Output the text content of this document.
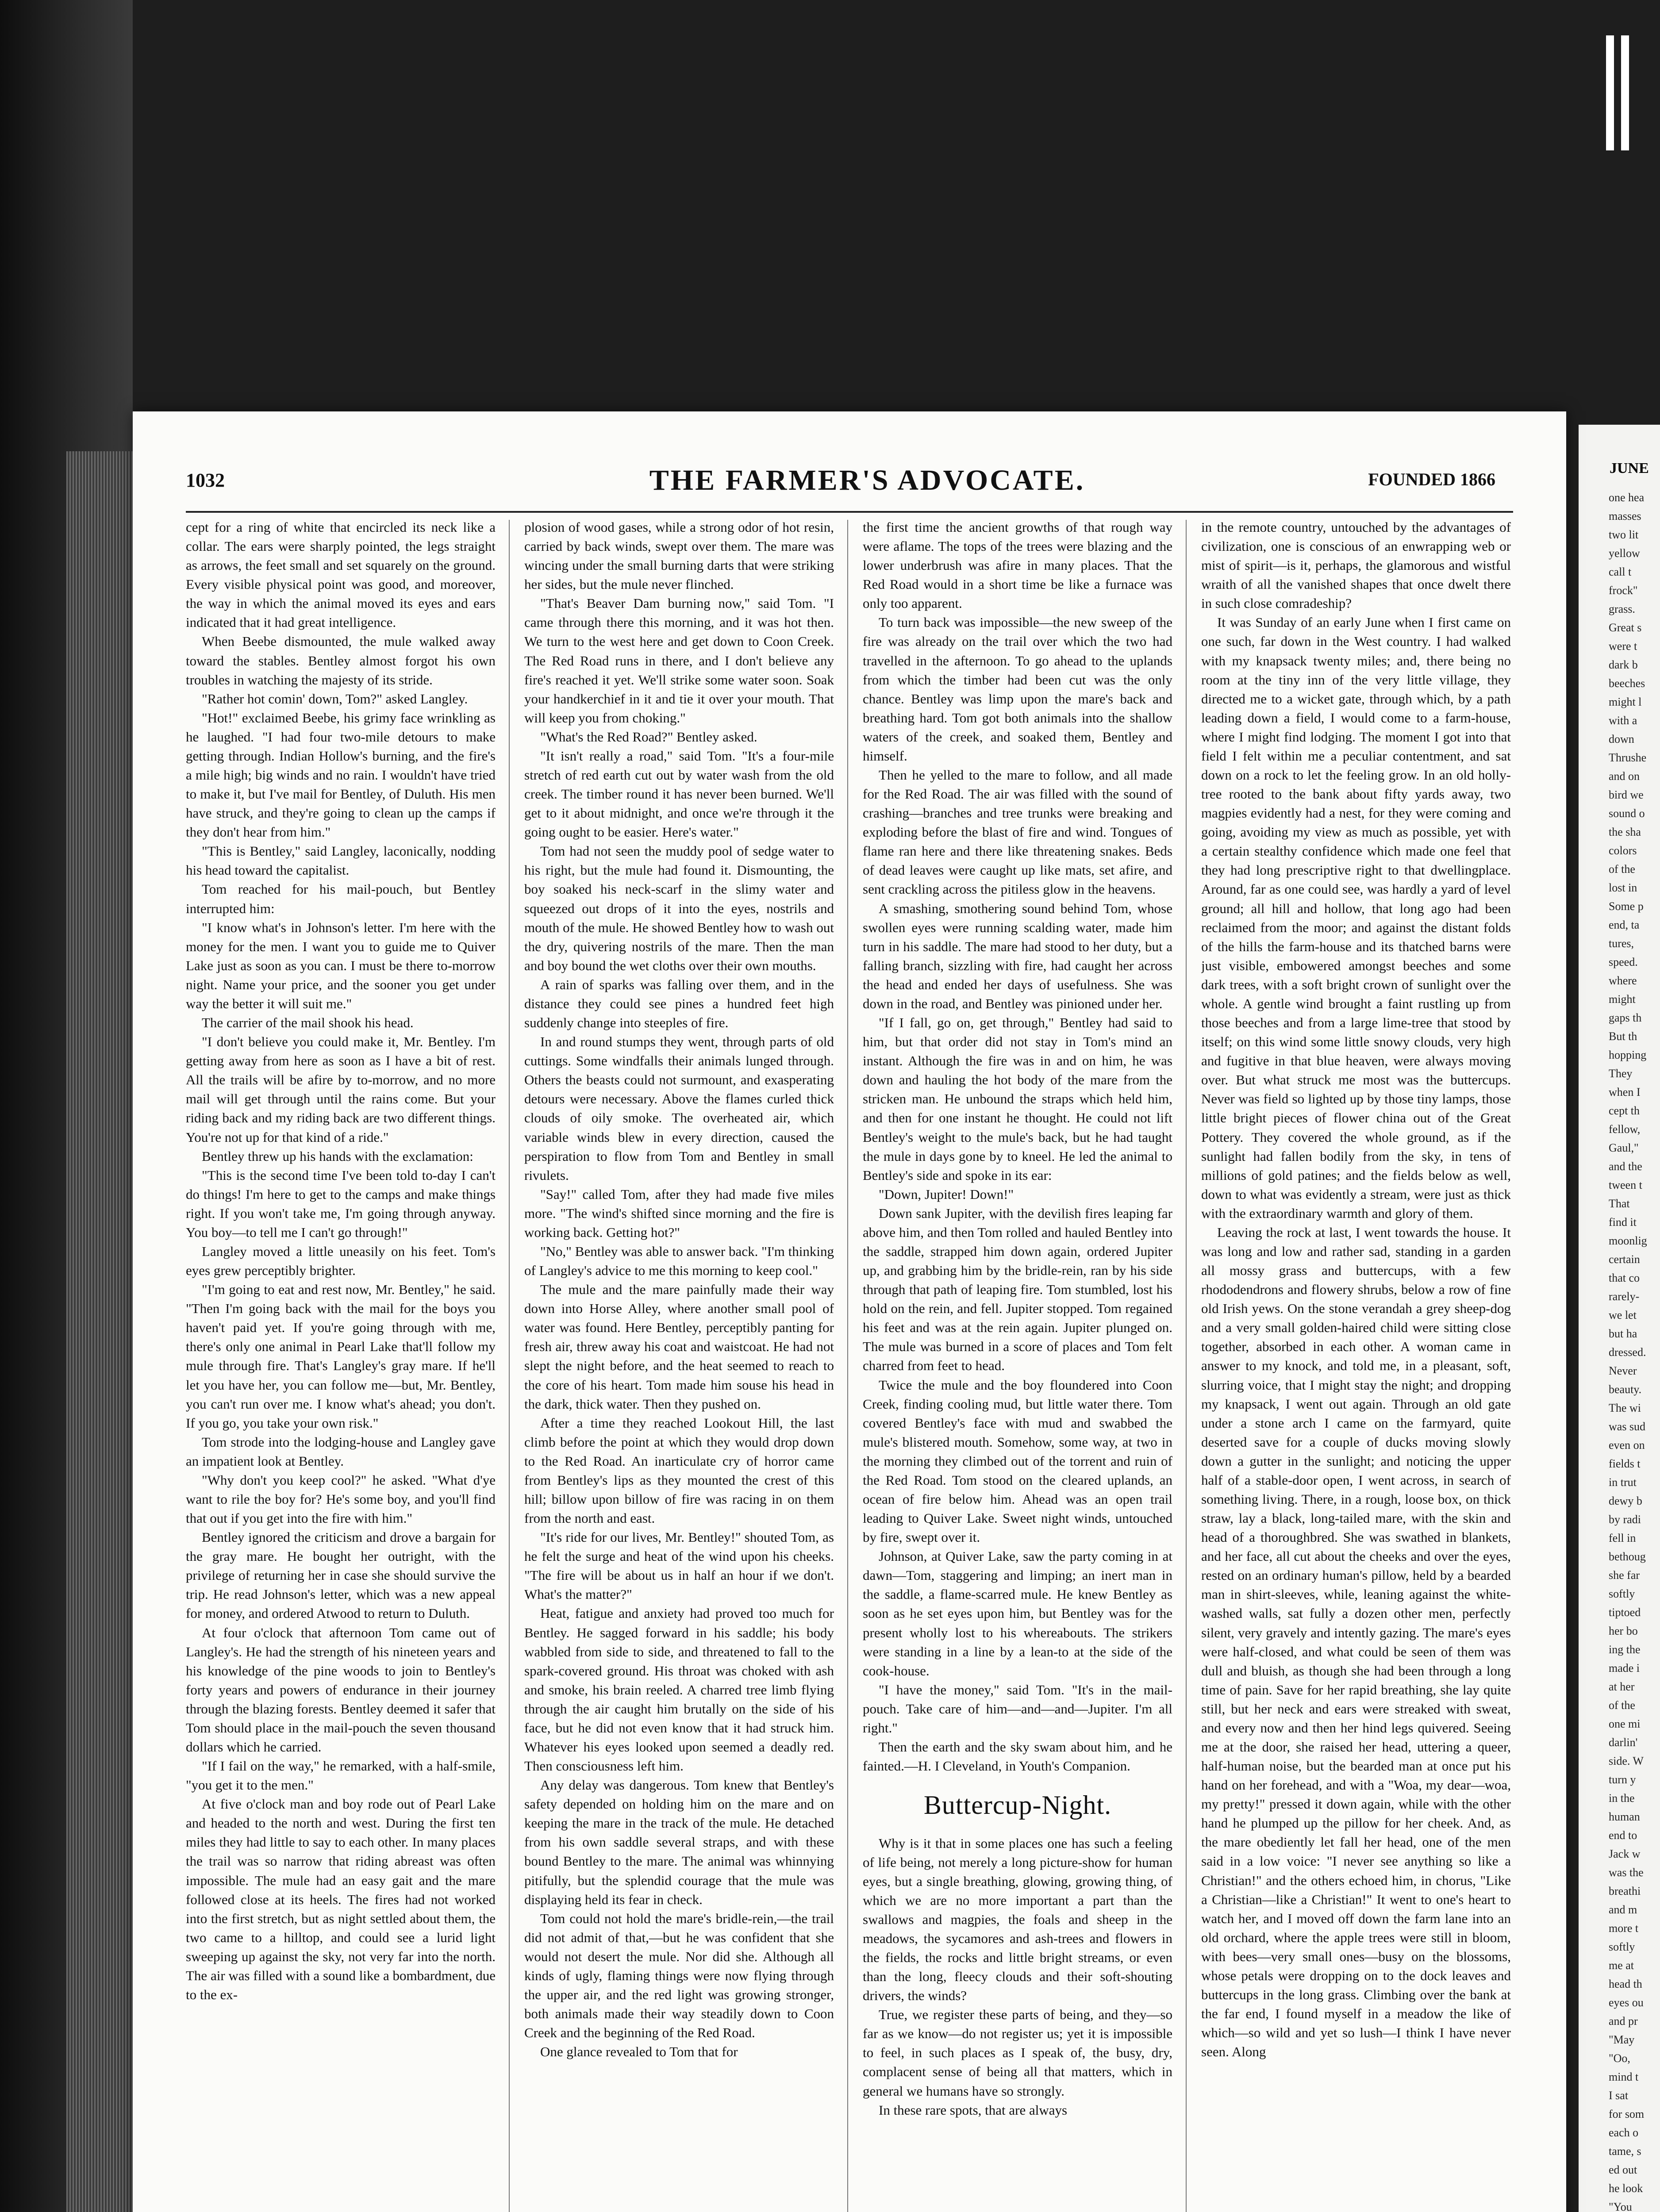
JUNE
one hea
masses
two lit
yellow
call t
frock"
grass.
Great s
were t
dark b
beeches
might l
with a
down
Thrushe
and on
bird we
sound o
the sha
colors
of the
lost in
Some p
end, ta
tures,
speed.
where
might
gaps th
But th
hopping
They
when I
cept th
fellow,
Gaul,"
and the
tween t
That
find it
moonlig
certain
that co
rarely-
we let
but ha
dressed.
Never
beauty.
The wi
was sud
even on
fields t
in trut
dewy b
by radi
fell in
bethoug
she far
softly
tiptoed
her bo
ing the
made i
at her
of the
one mi
darlin'
side. W
turn y
in the
human
end to
Jack w
was the
breathi
and m
more t
softly
me at
head th
eyes ou
and pr
"May
"Oo,
mind t
I sat
for som
each o
tame, s
ed out
he look
"You
1032	THE FARMER'S ADVOCATE.	FOUNDED 1866

cept for a ring of white that encircled its neck like a collar. The ears were sharply pointed, the legs straight as arrows, the feet small and set squarely on the ground. Every visible physical point was good, and moreover, the way in which the animal moved its eyes and ears indicated that it had great intelligence.

When Beebe dismounted, the mule walked away toward the stables. Bentley almost forgot his own troubles in watching the majesty of its stride.

"Rather hot comin' down, Tom?" asked Langley.

"Hot!" exclaimed Beebe, his grimy face wrinkling as he laughed. "I had four two-mile detours to make getting through. Indian Hollow's burning, and the fire's a mile high; big winds and no rain. I wouldn't have tried to make it, but I've mail for Bentley, of Duluth. His men have struck, and they're going to clean up the camps if they don't hear from him."

"This is Bentley," said Langley, laconically, nodding his head toward the capitalist.

Tom reached for his mail-pouch, but Bentley interrupted him:

"I know what's in Johnson's letter. I'm here with the money for the men. I want you to guide me to Quiver Lake just as soon as you can. I must be there to-morrow night. Name your price, and the sooner you get under way the better it will suit me."

The carrier of the mail shook his head.

"I don't believe you could make it, Mr. Bentley. I'm getting away from here as soon as I have a bit of rest. All the trails will be afire by to-morrow, and no more mail will get through until the rains come. But your riding back and my riding back are two different things. You're not up for that kind of a ride."

Bentley threw up his hands with the exclamation:

"This is the second time I've been told to-day I can't do things! I'm here to get to the camps and make things right. If you won't take me, I'm going through anyway. You boy—to tell me I can't go through!"

Langley moved a little uneasily on his feet. Tom's eyes grew perceptibly brighter.

"I'm going to eat and rest now, Mr. Bentley," he said. "Then I'm going back with the mail for the boys you haven't paid yet. If you're going through with me, there's only one animal in Pearl Lake that'll follow my mule through fire. That's Langley's gray mare. If he'll let you have her, you can follow me—but, Mr. Bentley, you can't run over me. I know what's ahead; you don't. If you go, you take your own risk."

Tom strode into the lodging-house and Langley gave an impatient look at Bentley.

"Why don't you keep cool?" he asked. "What d'ye want to rile the boy for? He's some boy, and you'll find that out if you get into the fire with him."

Bentley ignored the criticism and drove a bargain for the gray mare. He bought her outright, with the privilege of returning her in case she should survive the trip. He read Johnson's letter, which was a new appeal for money, and ordered Atwood to return to Duluth.

At four o'clock that afternoon Tom came out of Langley's. He had the strength of his nineteen years and his knowledge of the pine woods to join to Bentley's forty years and powers of endurance in their journey through the blazing forests. Bentley deemed it safer that Tom should place in the mail-pouch the seven thousand dollars which he carried.

"If I fail on the way," he remarked, with a half-smile, "you get it to the men."

At five o'clock man and boy rode out of Pearl Lake and headed to the north and west. During the first ten miles they had little to say to each other. In many places the trail was so narrow that riding abreast was often impossible. The mule had an easy gait and the mare followed close at its heels. The fires had not worked into the first stretch, but as night settled about them, the two came to a hilltop, and could see a lurid light sweeping up against the sky, not very far into the north. The air was filled with a sound like a bombardment, due to the ex-

plosion of wood gases, while a strong odor of hot resin, carried by back winds, swept over them. The mare was wincing under the small burning darts that were striking her sides, but the mule never flinched.

"That's Beaver Dam burning now," said Tom. "I came through there this morning, and it was hot then. We turn to the west here and get down to Coon Creek. The Red Road runs in there, and I don't believe any fire's reached it yet. We'll strike some water soon. Soak your handkerchief in it and tie it over your mouth. That will keep you from choking."

"What's the Red Road?" Bentley asked.

"It isn't really a road," said Tom. "It's a four-mile stretch of red earth cut out by water wash from the old creek. The timber round it has never been burned. We'll get to it about midnight, and once we're through it the going ought to be easier. Here's water."

Tom had not seen the muddy pool of sedge water to his right, but the mule had found it. Dismounting, the boy soaked his neck-scarf in the slimy water and squeezed out drops of it into the eyes, nostrils and mouth of the mule. He showed Bentley how to wash out the dry, quivering nostrils of the mare. Then the man and boy bound the wet cloths over their own mouths.

A rain of sparks was falling over them, and in the distance they could see pines a hundred feet high suddenly change into steeples of fire.

In and round stumps they went, through parts of old cuttings. Some windfalls their animals lunged through. Others the beasts could not surmount, and exasperating detours were necessary. Above the flames curled thick clouds of oily smoke. The overheated air, which variable winds blew in every direction, caused the perspiration to flow from Tom and Bentley in small rivulets.

"Say!" called Tom, after they had made five miles more. "The wind's shifted since morning and the fire is working back. Getting hot?"

"No," Bentley was able to answer back. "I'm thinking of Langley's advice to me this morning to keep cool."

The mule and the mare painfully made their way down into Horse Alley, where another small pool of water was found. Here Bentley, perceptibly panting for fresh air, threw away his coat and waistcoat. He had not slept the night before, and the heat seemed to reach to the core of his heart. Tom made him souse his head in the dark, thick water. Then they pushed on.

After a time they reached Lookout Hill, the last climb before the point at which they would drop down to the Red Road. An inarticulate cry of horror came from Bentley's lips as they mounted the crest of this hill; billow upon billow of fire was racing in on them from the north and east.

"It's ride for our lives, Mr. Bentley!" shouted Tom, as he felt the surge and heat of the wind upon his cheeks. "The fire will be about us in half an hour if we don't. What's the matter?"

Heat, fatigue and anxiety had proved too much for Bentley. He sagged forward in his saddle; his body wabbled from side to side, and threatened to fall to the spark-covered ground. His throat was choked with ash and smoke, his brain reeled. A charred tree limb flying through the air caught him brutally on the side of his face, but he did not even know that it had struck him. Whatever his eyes looked upon seemed a deadly red. Then consciousness left him.

Any delay was dangerous. Tom knew that Bentley's safety depended on holding him on the mare and on keeping the mare in the track of the mule. He detached from his own saddle several straps, and with these bound Bentley to the mare. The animal was whinnying pitifully, but the splendid courage that the mule was displaying held its fear in check.

Tom could not hold the mare's bridle-rein,—the trail did not admit of that,—but he was confident that she would not desert the mule. Nor did she. Although all kinds of ugly, flaming things were now flying through the upper air, and the red light was growing stronger, both animals made their way steadily down to Coon Creek and the beginning of the Red Road.

One glance revealed to Tom that for

the first time the ancient growths of that rough way were aflame. The tops of the trees were blazing and the lower underbrush was afire in many places. That the Red Road would in a short time be like a furnace was only too apparent.

To turn back was impossible—the new sweep of the fire was already on the trail over which the two had travelled in the afternoon. To go ahead to the uplands from which the timber had been cut was the only chance. Bentley was limp upon the mare's back and breathing hard. Tom got both animals into the shallow waters of the creek, and soaked them, Bentley and himself.

Then he yelled to the mare to follow, and all made for the Red Road. The air was filled with the sound of crashing—branches and tree trunks were breaking and exploding before the blast of fire and wind. Tongues of flame ran here and there like threatening snakes. Beds of dead leaves were caught up like mats, set afire, and sent crackling across the pitiless glow in the heavens.

A smashing, smothering sound behind Tom, whose swollen eyes were running scalding water, made him turn in his saddle. The mare had stood to her duty, but a falling branch, sizzling with fire, had caught her across the head and ended her days of usefulness. She was down in the road, and Bentley was pinioned under her.

"If I fall, go on, get through," Bentley had said to him, but that order did not stay in Tom's mind an instant. Although the fire was in and on him, he was down and hauling the hot body of the mare from the stricken man. He unbound the straps which held him, and then for one instant he thought. He could not lift Bentley's weight to the mule's back, but he had taught the mule in days gone by to kneel. He led the animal to Bentley's side and spoke in its ear:

"Down, Jupiter! Down!"

Down sank Jupiter, with the devilish fires leaping far above him, and then Tom rolled and hauled Bentley into the saddle, strapped him down again, ordered Jupiter up, and grabbing him by the bridle-rein, ran by his side through that path of leaping fire. Tom stumbled, lost his hold on the rein, and fell. Jupiter stopped. Tom regained his feet and was at the rein again. Jupiter plunged on. The mule was burned in a score of places and Tom felt charred from feet to head.

Twice the mule and the boy floundered into Coon Creek, finding cooling mud, but little water there. Tom covered Bentley's face with mud and swabbed the mule's blistered mouth. Somehow, some way, at two in the morning they climbed out of the torrent and ruin of the Red Road. Tom stood on the cleared uplands, an ocean of fire below him. Ahead was an open trail leading to Quiver Lake. Sweet night winds, untouched by fire, swept over it.

Johnson, at Quiver Lake, saw the party coming in at dawn—Tom, staggering and limping; an inert man in the saddle, a flame-scarred mule. He knew Bentley as soon as he set eyes upon him, but Bentley was for the present wholly lost to his whereabouts. The strikers were standing in a line by a lean-to at the side of the cook-house.

"I have the money," said Tom. "It's in the mail-pouch. Take care of him—and—and—Jupiter. I'm all right."

Then the earth and the sky swam about him, and he fainted.—H. I Cleveland, in Youth's Companion.

Buttercup-Night.

Why is it that in some places one has such a feeling of life being, not merely a long picture-show for human eyes, but a single breathing, glowing, growing thing, of which we are no more important a part than the swallows and magpies, the foals and sheep in the meadows, the sycamores and ash-trees and flowers in the fields, the rocks and little bright streams, or even than the long, fleecy clouds and their soft-shouting drivers, the winds?

True, we register these parts of being, and they—so far as we know—do not register us; yet it is impossible to feel, in such places as I speak of, the busy, dry, complacent sense of being all that matters, which in general we humans have so strongly.

In these rare spots, that are always

in the remote country, untouched by the advantages of civilization, one is conscious of an enwrapping web or mist of spirit—is it, perhaps, the glamorous and wistful wraith of all the vanished shapes that once dwelt there in such close comradeship?

It was Sunday of an early June when I first came on one such, far down in the West country. I had walked with my knapsack twenty miles; and, there being no room at the tiny inn of the very little village, they directed me to a wicket gate, through which, by a path leading down a field, I would come to a farm-house, where I might find lodging. The moment I got into that field I felt within me a peculiar contentment, and sat down on a rock to let the feeling grow. In an old holly-tree rooted to the bank about fifty yards away, two magpies evidently had a nest, for they were coming and going, avoiding my view as much as possible, yet with a certain stealthy confidence which made one feel that they had long prescriptive right to that dwellingplace. Around, far as one could see, was hardly a yard of level ground; all hill and hollow, that long ago had been reclaimed from the moor; and against the distant folds of the hills the farm-house and its thatched barns were just visible, embowered amongst beeches and some dark trees, with a soft bright crown of sunlight over the whole. A gentle wind brought a faint rustling up from those beeches and from a large lime-tree that stood by itself; on this wind some little snowy clouds, very high and fugitive in that blue heaven, were always moving over. But what struck me most was the buttercups. Never was field so lighted up by those tiny lamps, those little bright pieces of flower china out of the Great Pottery. They covered the whole ground, as if the sunlight had fallen bodily from the sky, in tens of millions of gold patines; and the fields below as well, down to what was evidently a stream, were just as thick with the extraordinary warmth and glory of them.

Leaving the rock at last, I went towards the house. It was long and low and rather sad, standing in a garden all mossy grass and buttercups, with a few rhododendrons and flowery shrubs, below a row of fine old Irish yews. On the stone verandah a grey sheep-dog and a very small golden-haired child were sitting close together, absorbed in each other. A woman came in answer to my knock, and told me, in a pleasant, soft, slurring voice, that I might stay the night; and dropping my knapsack, I went out again. Through an old gate under a stone arch I came on the farmyard, quite deserted save for a couple of ducks moving slowly down a gutter in the sunlight; and noticing the upper half of a stable-door open, I went across, in search of something living. There, in a rough, loose box, on thick straw, lay a black, long-tailed mare, with the skin and head of a thoroughbred. She was swathed in blankets, and her face, all cut about the cheeks and over the eyes, rested on an ordinary human's pillow, held by a bearded man in shirt-sleeves, while, leaning against the white-washed walls, sat fully a dozen other men, perfectly silent, very gravely and intently gazing. The mare's eyes were half-closed, and what could be seen of them was dull and bluish, as though she had been through a long time of pain. Save for her rapid breathing, she lay quite still, but her neck and ears were streaked with sweat, and every now and then her hind legs quivered. Seeing me at the door, she raised her head, uttering a queer, half-human noise, but the bearded man at once put his hand on her forehead, and with a "Woa, my dear—woa, my pretty!" pressed it down again, while with the other hand he plumped up the pillow for her cheek. And, as the mare obediently let fall her head, one of the men said in a low voice: "I never see anything so like a Christian!" and the others echoed him, in chorus, "Like a Christian—like a Christian!" It went to one's heart to watch her, and I moved off down the farm lane into an old orchard, where the apple trees were still in bloom, with bees—very small ones—busy on the blossoms, whose petals were dropping on to the dock leaves and buttercups in the long grass. Climbing over the bank at the far end, I found myself in a meadow the like of which—so wild and yet so lush—I think I have never seen. Along
